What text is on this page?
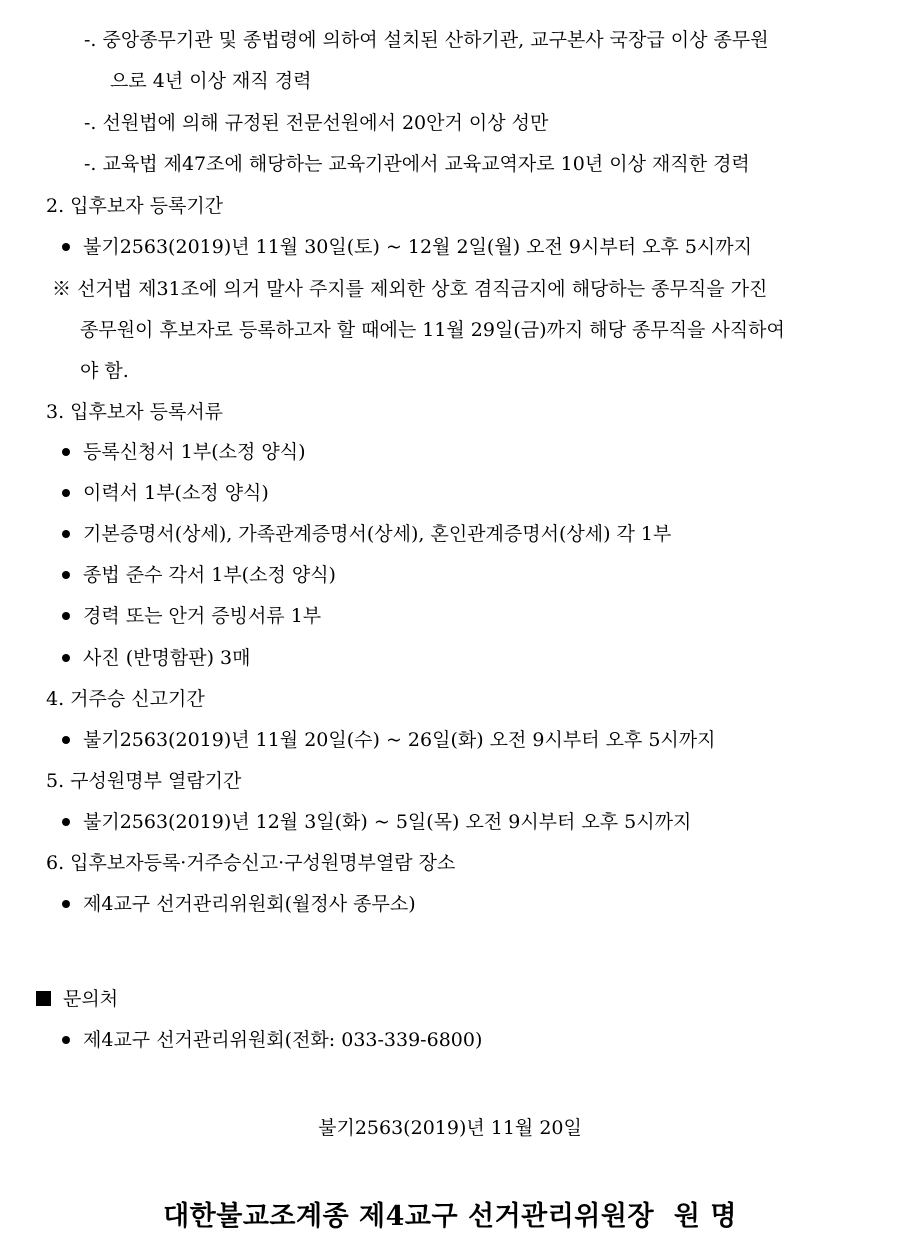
-. 중앙종무기관 및 종법령에 의하여 설치된 산하기관, 교구본사 국장급 이상 종무원

으로 4년 이상 재직 경력

-. 선원법에 의해 규정된 전문선원에서 20안거 이상 성만

-. 교육법 제47조에 해당하는 교육기관에서 교육교역자로 10년 이상 재직한 경력

2. 입후보자 등록기간

불기2563(2019)년 11월 30일(토) ~ 12월 2일(월) 오전 9시부터 오후 5시까지

※ 선거법 제31조에 의거 말사 주지를 제외한 상호 겸직금지에 해당하는 종무직을 가진

종무원이 후보자로 등록하고자 할 때에는 11월 29일(금)까지 해당 종무직을 사직하여

야 함.

3. 입후보자 등록서류

등록신청서 1부(소정 양식)

이력서 1부(소정 양식)

기본증명서(상세), 가족관계증명서(상세), 혼인관계증명서(상세) 각 1부

종법 준수 각서 1부(소정 양식)

경력 또는 안거 증빙서류 1부

사진 (반명함판) 3매

4. 거주승 신고기간

불기2563(2019)년 11월 20일(수) ~ 26일(화) 오전 9시부터 오후 5시까지

5. 구성원명부 열람기간

불기2563(2019)년 12월 3일(화) ~ 5일(목) 오전 9시부터 오후 5시까지

6. 입후보자등록·거주승신고·구성원명부열람 장소

제4교구 선거관리위원회(월정사 종무소)

문의처

제4교구 선거관리위원회(전화: 033-339-6800)

불기2563(2019)년 11월 20일

대한불교조계종 제4교구 선거관리위원장  원 명
